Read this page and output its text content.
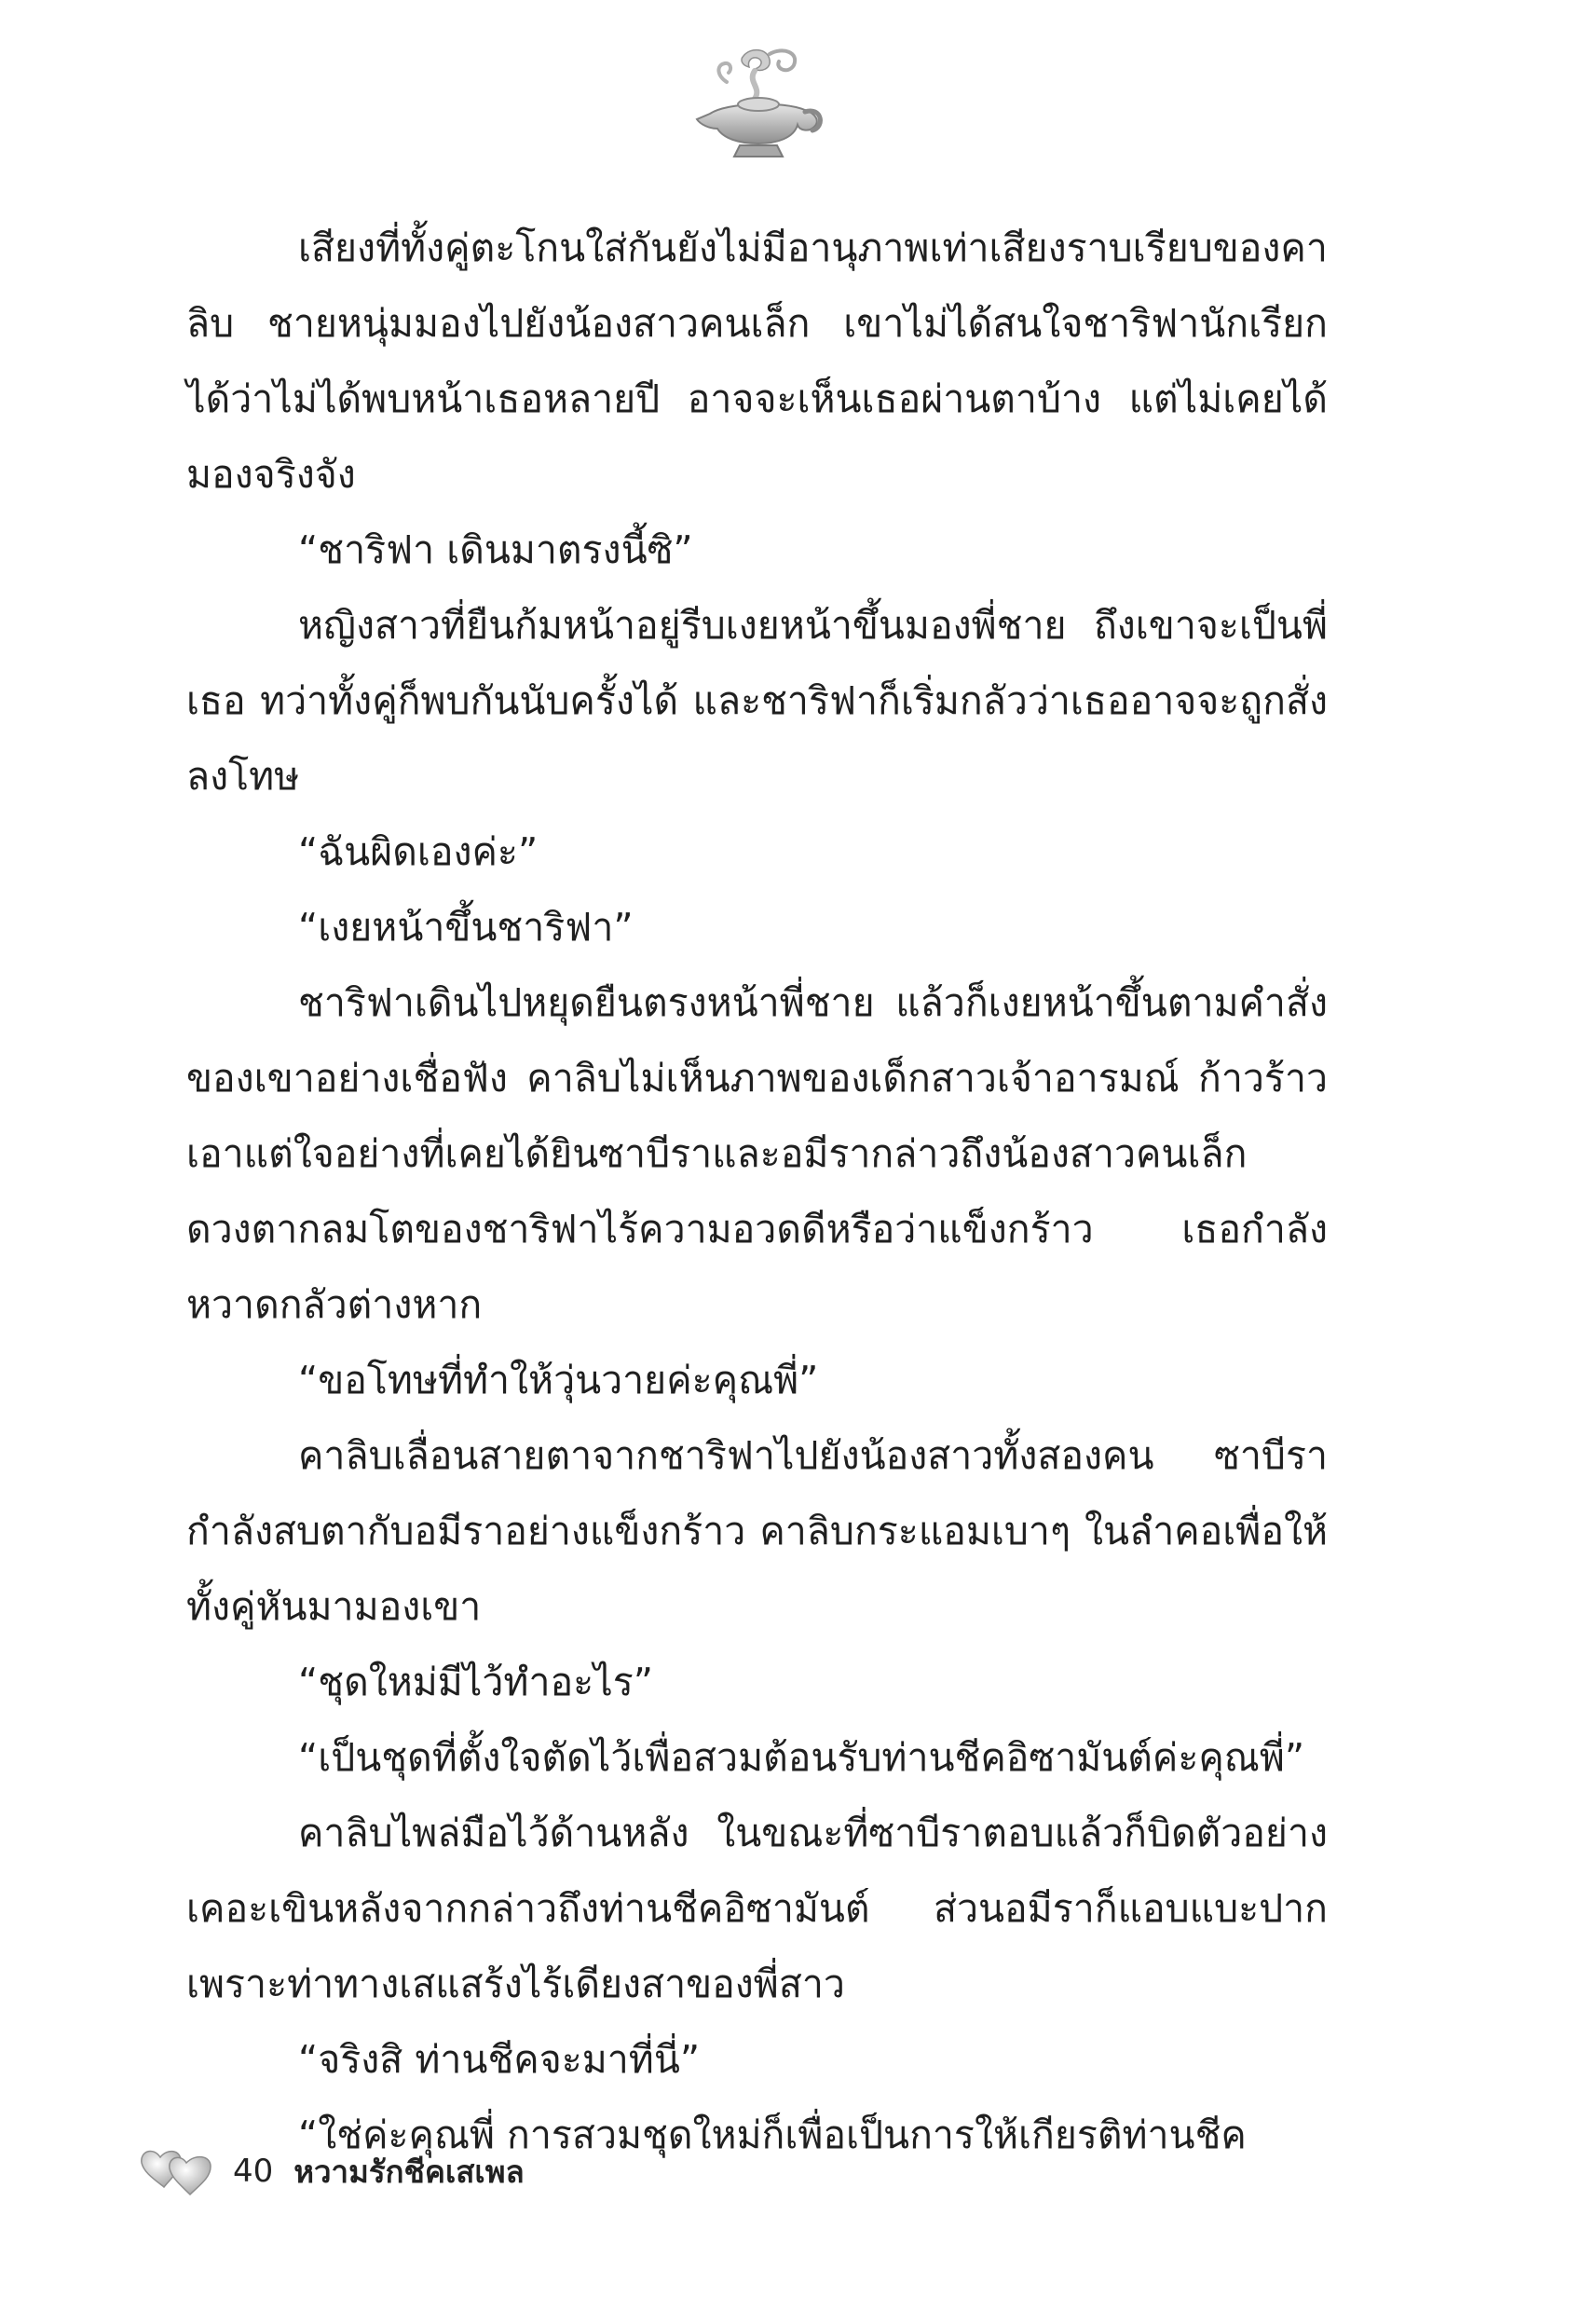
เสียงที่ทั้งคู่ตะโกนใส่กันยังไม่มีอานุภาพเท่าเสียงราบเรียบของคาลิบ ชายหนุ่มมองไปยังน้องสาวคนเล็ก เขาไม่ได้สนใจชาริฟานักเรียกได้ว่าไม่ได้พบหน้าเธอหลายปี อาจจะเห็นเธอผ่านตาบ้าง แต่ไม่เคยได้มองจริงจัง

“ชาริฟา เดินมาตรงนี้ซิ”

หญิงสาวที่ยืนก้มหน้าอยู่รีบเงยหน้าขึ้นมองพี่ชาย ถึงเขาจะเป็นพี่เธอ ทว่าทั้งคู่ก็พบกันนับครั้งได้ และชาริฟาก็เริ่มกลัวว่าเธออาจจะถูกสั่งลงโทษ

“ฉันผิดเองค่ะ”

“เงยหน้าขึ้นชาริฟา”

ชาริฟาเดินไปหยุดยืนตรงหน้าพี่ชาย แล้วก็เงยหน้าขึ้นตามคำสั่งของเขาอย่างเชื่อฟัง คาลิบไม่เห็นภาพของเด็กสาวเจ้าอารมณ์ ก้าวร้าวเอาแต่ใจอย่างที่เคยได้ยินซาบีราและอมีรากล่าวถึงน้องสาวคนเล็กดวงตากลมโตของชาริฟาไร้ความอวดดีหรือว่าแข็งกร้าว เธอกำลังหวาดกลัวต่างหาก

“ขอโทษที่ทำให้วุ่นวายค่ะคุณพี่”

คาลิบเลื่อนสายตาจากชาริฟาไปยังน้องสาวทั้งสองคน ซาบีรากำลังสบตากับอมีราอย่างแข็งกร้าว คาลิบกระแอมเบาๆ ในลำคอเพื่อให้ทั้งคู่หันมามองเขา

“ชุดใหม่มีไว้ทำอะไร”

“เป็นชุดที่ตั้งใจตัดไว้เพื่อสวมต้อนรับท่านชีคอิซามันต์ค่ะคุณพี่”

คาลิบไพล่มือไว้ด้านหลัง ในขณะที่ซาบีราตอบแล้วก็บิดตัวอย่างเคอะเขินหลังจากกล่าวถึงท่านชีคอิซามันต์ ส่วนอมีราก็แอบแบะปากเพราะท่าทางเสแสร้งไร้เดียงสาของพี่สาว

“จริงสิ ท่านชีคจะมาที่นี่”

“ใช่ค่ะคุณพี่ การสวมชุดใหม่ก็เพื่อเป็นการให้เกียรติท่านชีค

40 หวามรักชีคเสเพล
